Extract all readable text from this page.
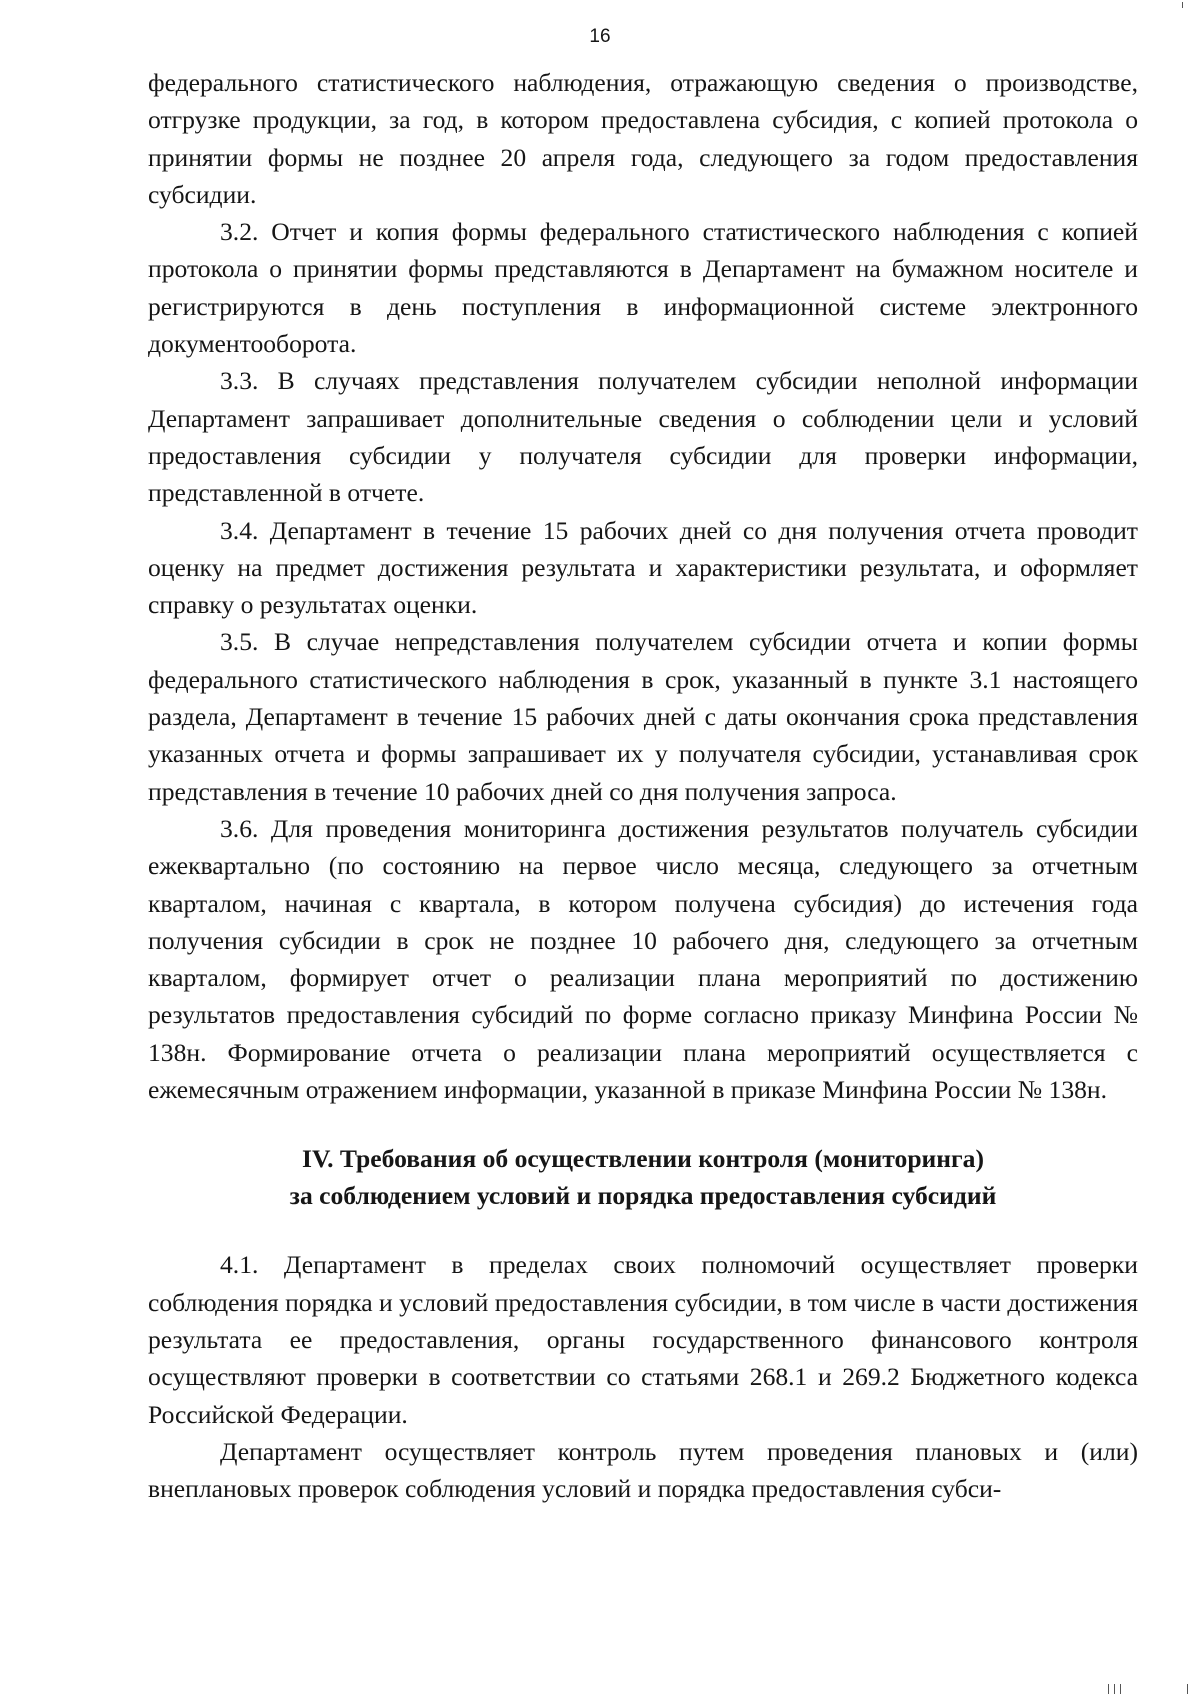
16

федерального статистического наблюдения, отражающую сведения о производстве, отгрузке продукции, за год, в котором предоставлена субсидия, с копией протокола о принятии формы не позднее 20 апреля года, следующего за годом предоставления субсидии.

3.2. Отчет и копия формы федерального статистического наблюдения с копией протокола о принятии формы представляются в Департамент на бумажном носителе и регистрируются в день поступления в информационной системе электронного документооборота.

3.3. В случаях представления получателем субсидии неполной информации Департамент запрашивает дополнительные сведения о соблюдении цели и условий предоставления субсидии у получателя субсидии для проверки информации, представленной в отчете.

3.4. Департамент в течение 15 рабочих дней со дня получения отчета проводит оценку на предмет достижения результата и характеристики результата, и оформляет справку о результатах оценки.

3.5. В случае непредставления получателем субсидии отчета и копии формы федерального статистического наблюдения в срок, указанный в пункте 3.1 настоящего раздела, Департамент в течение 15 рабочих дней с даты окончания срока представления указанных отчета и формы запрашивает их у получателя субсидии, устанавливая срок представления в течение 10 рабочих дней со дня получения запроса.

3.6. Для проведения мониторинга достижения результатов получатель субсидии ежеквартально (по состоянию на первое число месяца, следующего за отчетным кварталом, начиная с квартала, в котором получена субсидия) до истечения года получения субсидии в срок не позднее 10 рабочего дня, следующего за отчетным кварталом, формирует отчет о реализации плана мероприятий по достижению результатов предоставления субсидий по форме согласно приказу Минфина России № 138н. Формирование отчета о реализации плана мероприятий осуществляется с ежемесячным отражением информации, указанной в приказе Минфина России № 138н.

IV. Требования об осуществлении контроля (мониторинга)

за соблюдением условий и порядка предоставления субсидий

4.1. Департамент в пределах своих полномочий осуществляет проверки соблюдения порядка и условий предоставления субсидии, в том числе в части достижения результата ее предоставления, органы государственного финансового контроля осуществляют проверки в соответствии со статьями 268.1 и 269.2 Бюджетного кодекса Российской Федерации.

Департамент осуществляет контроль путем проведения плановых и (или) внеплановых проверок соблюдения условий и порядка предоставления субси-
